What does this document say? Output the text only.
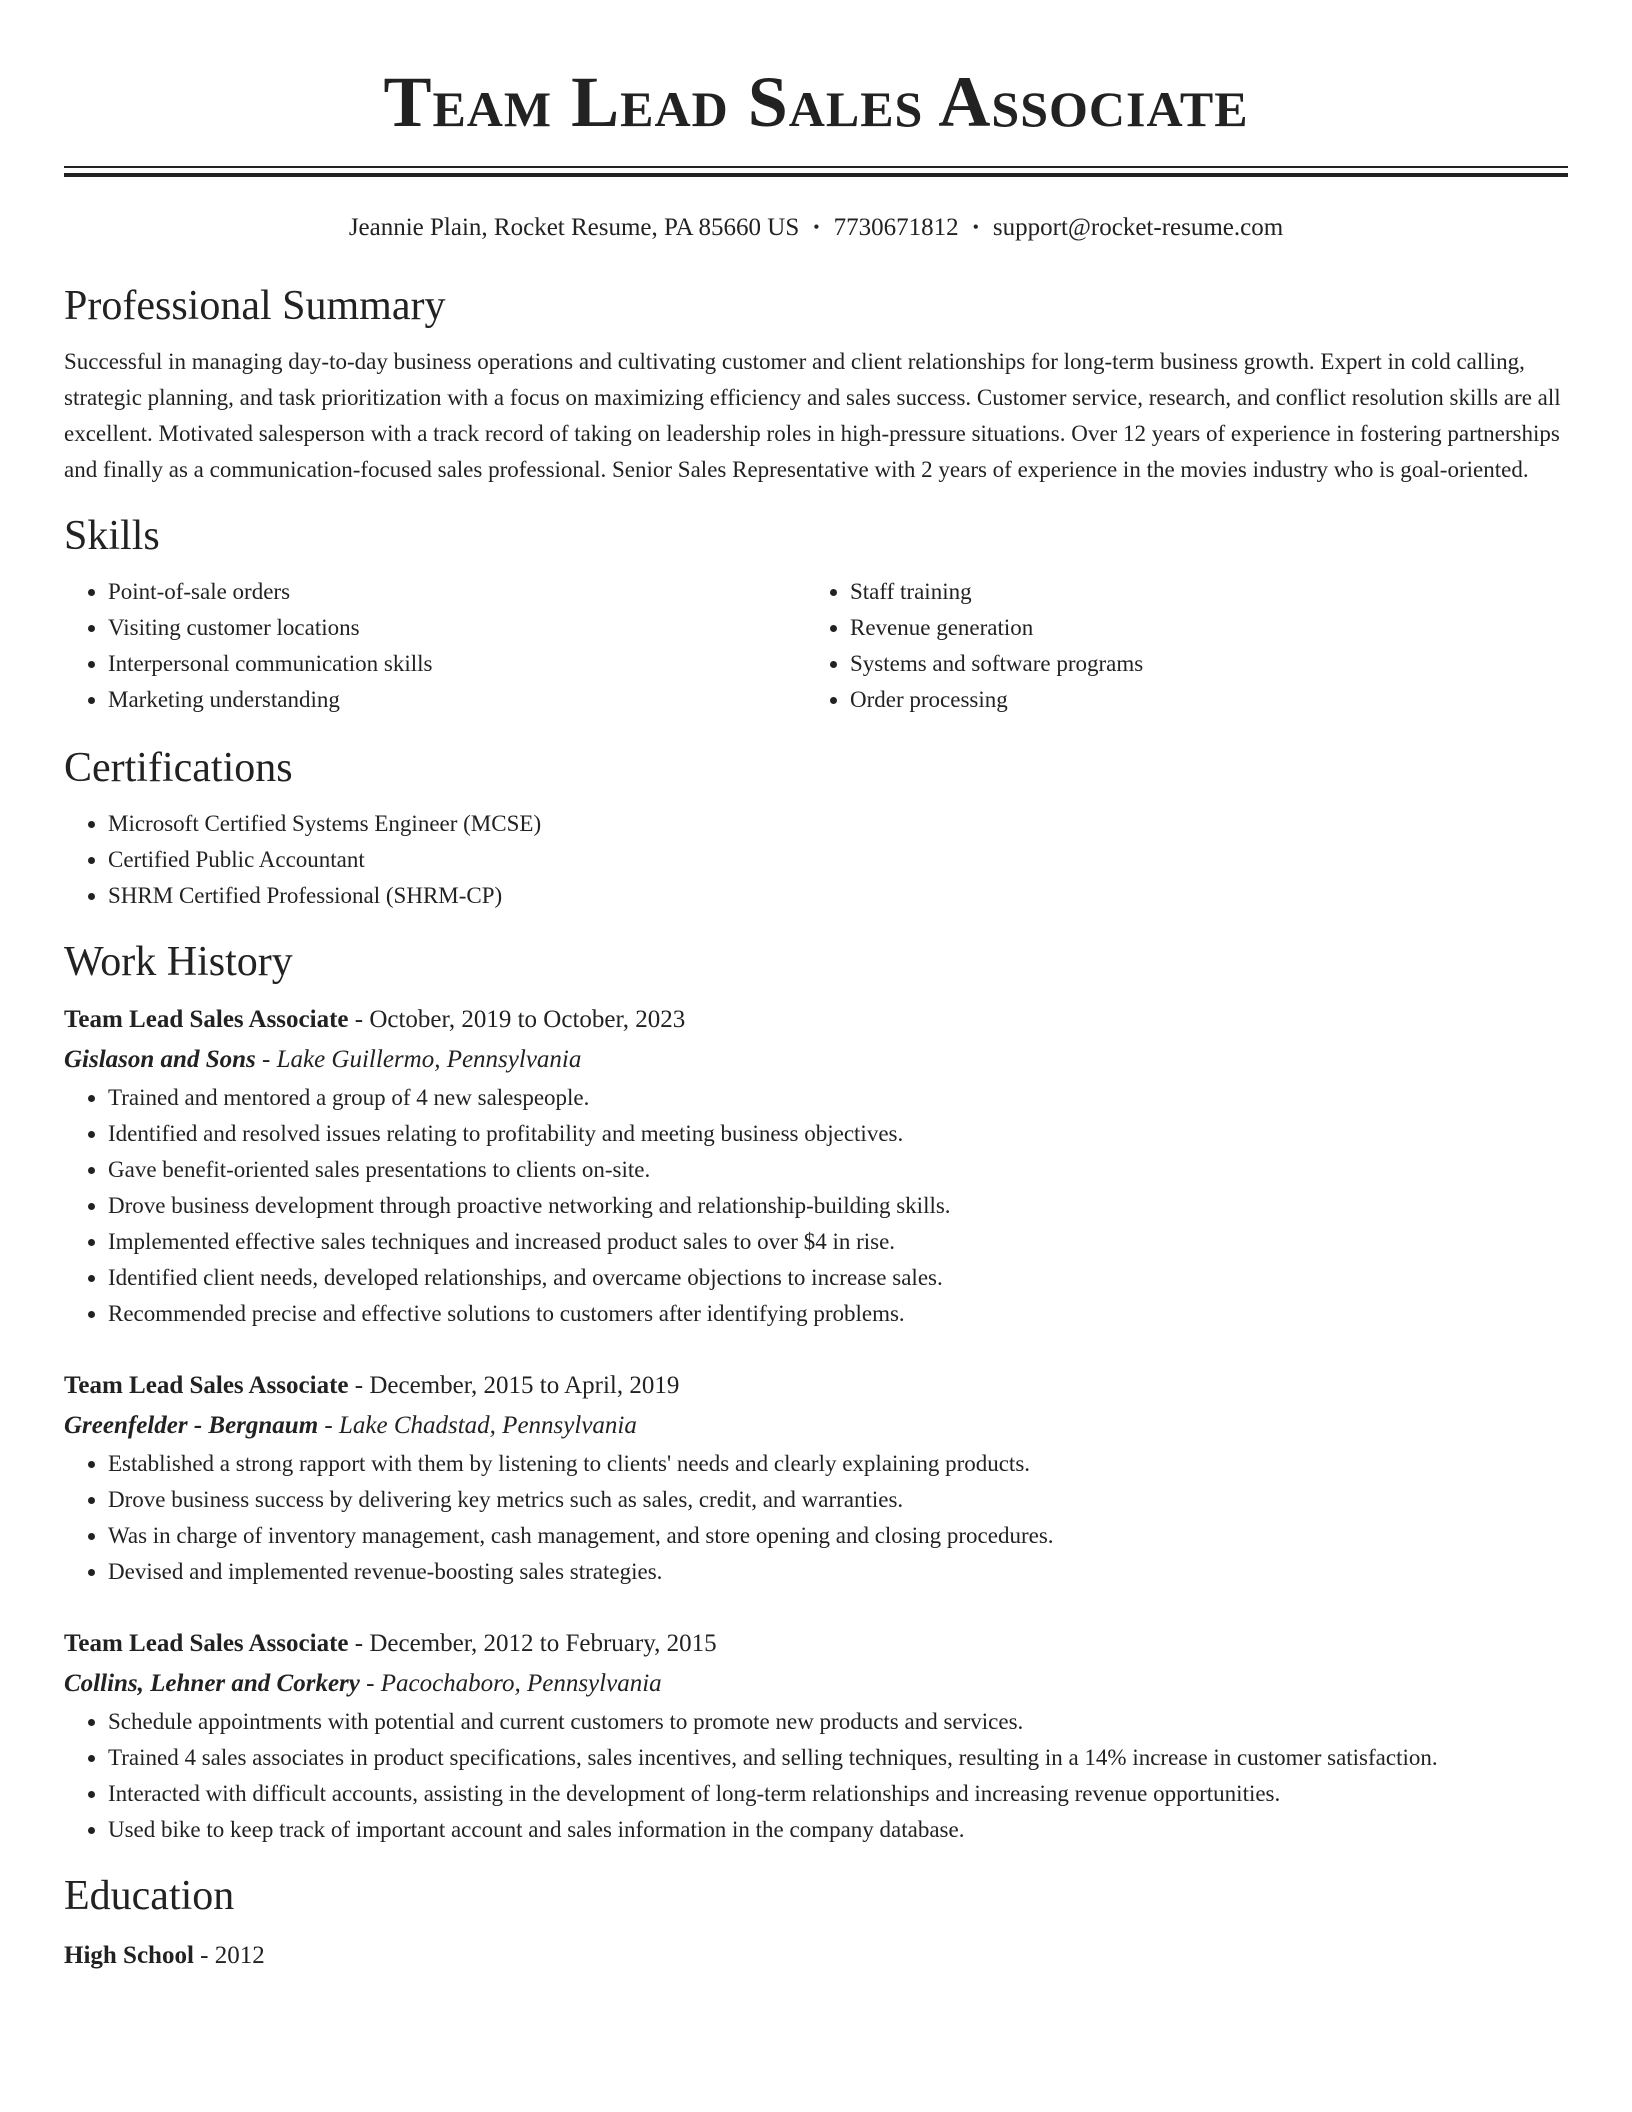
Team Lead Sales Associate
Jeannie Plain, Rocket Resume, PA 85660 US • 7730671812 • support@rocket-resume.com
Professional Summary

Successful in managing day-to-day business operations and cultivating customer and client relationships for long-term business growth. Expert in cold calling, strategic planning, and task prioritization with a focus on maximizing efficiency and sales success. Customer service, research, and conflict resolution skills are all excellent. Motivated salesperson with a track record of taking on leadership roles in high-pressure situations. Over 12 years of experience in fostering partnerships and finally as a communication-focused sales professional. Senior Sales Representative with 2 years of experience in the movies industry who is goal-oriented.

Skills
• Point-of-sale orders
• Visiting customer locations
• Interpersonal communication skills
• Marketing understanding
• Staff training
• Revenue generation
• Systems and software programs
• Order processing
Certifications
• Microsoft Certified Systems Engineer (MCSE)
• Certified Public Accountant
• SHRM Certified Professional (SHRM-CP)
Work History
Team Lead Sales Associate - October, 2019 to October, 2023
Gislason and Sons - Lake Guillermo, Pennsylvania
• Trained and mentored a group of 4 new salespeople.
• Identified and resolved issues relating to profitability and meeting business objectives.
• Gave benefit-oriented sales presentations to clients on-site.
• Drove business development through proactive networking and relationship-building skills.
• Implemented effective sales techniques and increased product sales to over $4 in rise.
• Identified client needs, developed relationships, and overcame objections to increase sales.
• Recommended precise and effective solutions to customers after identifying problems.
Team Lead Sales Associate - December, 2015 to April, 2019
Greenfelder - Bergnaum - Lake Chadstad, Pennsylvania
• Established a strong rapport with them by listening to clients' needs and clearly explaining products.
• Drove business success by delivering key metrics such as sales, credit, and warranties.
• Was in charge of inventory management, cash management, and store opening and closing procedures.
• Devised and implemented revenue-boosting sales strategies.
Team Lead Sales Associate - December, 2012 to February, 2015
Collins, Lehner and Corkery - Pacochaboro, Pennsylvania
• Schedule appointments with potential and current customers to promote new products and services.
• Trained 4 sales associates in product specifications, sales incentives, and selling techniques, resulting in a 14% increase in customer satisfaction.
• Interacted with difficult accounts, assisting in the development of long-term relationships and increasing revenue opportunities.
• Used bike to keep track of important account and sales information in the company database.
Education
High School - 2012
